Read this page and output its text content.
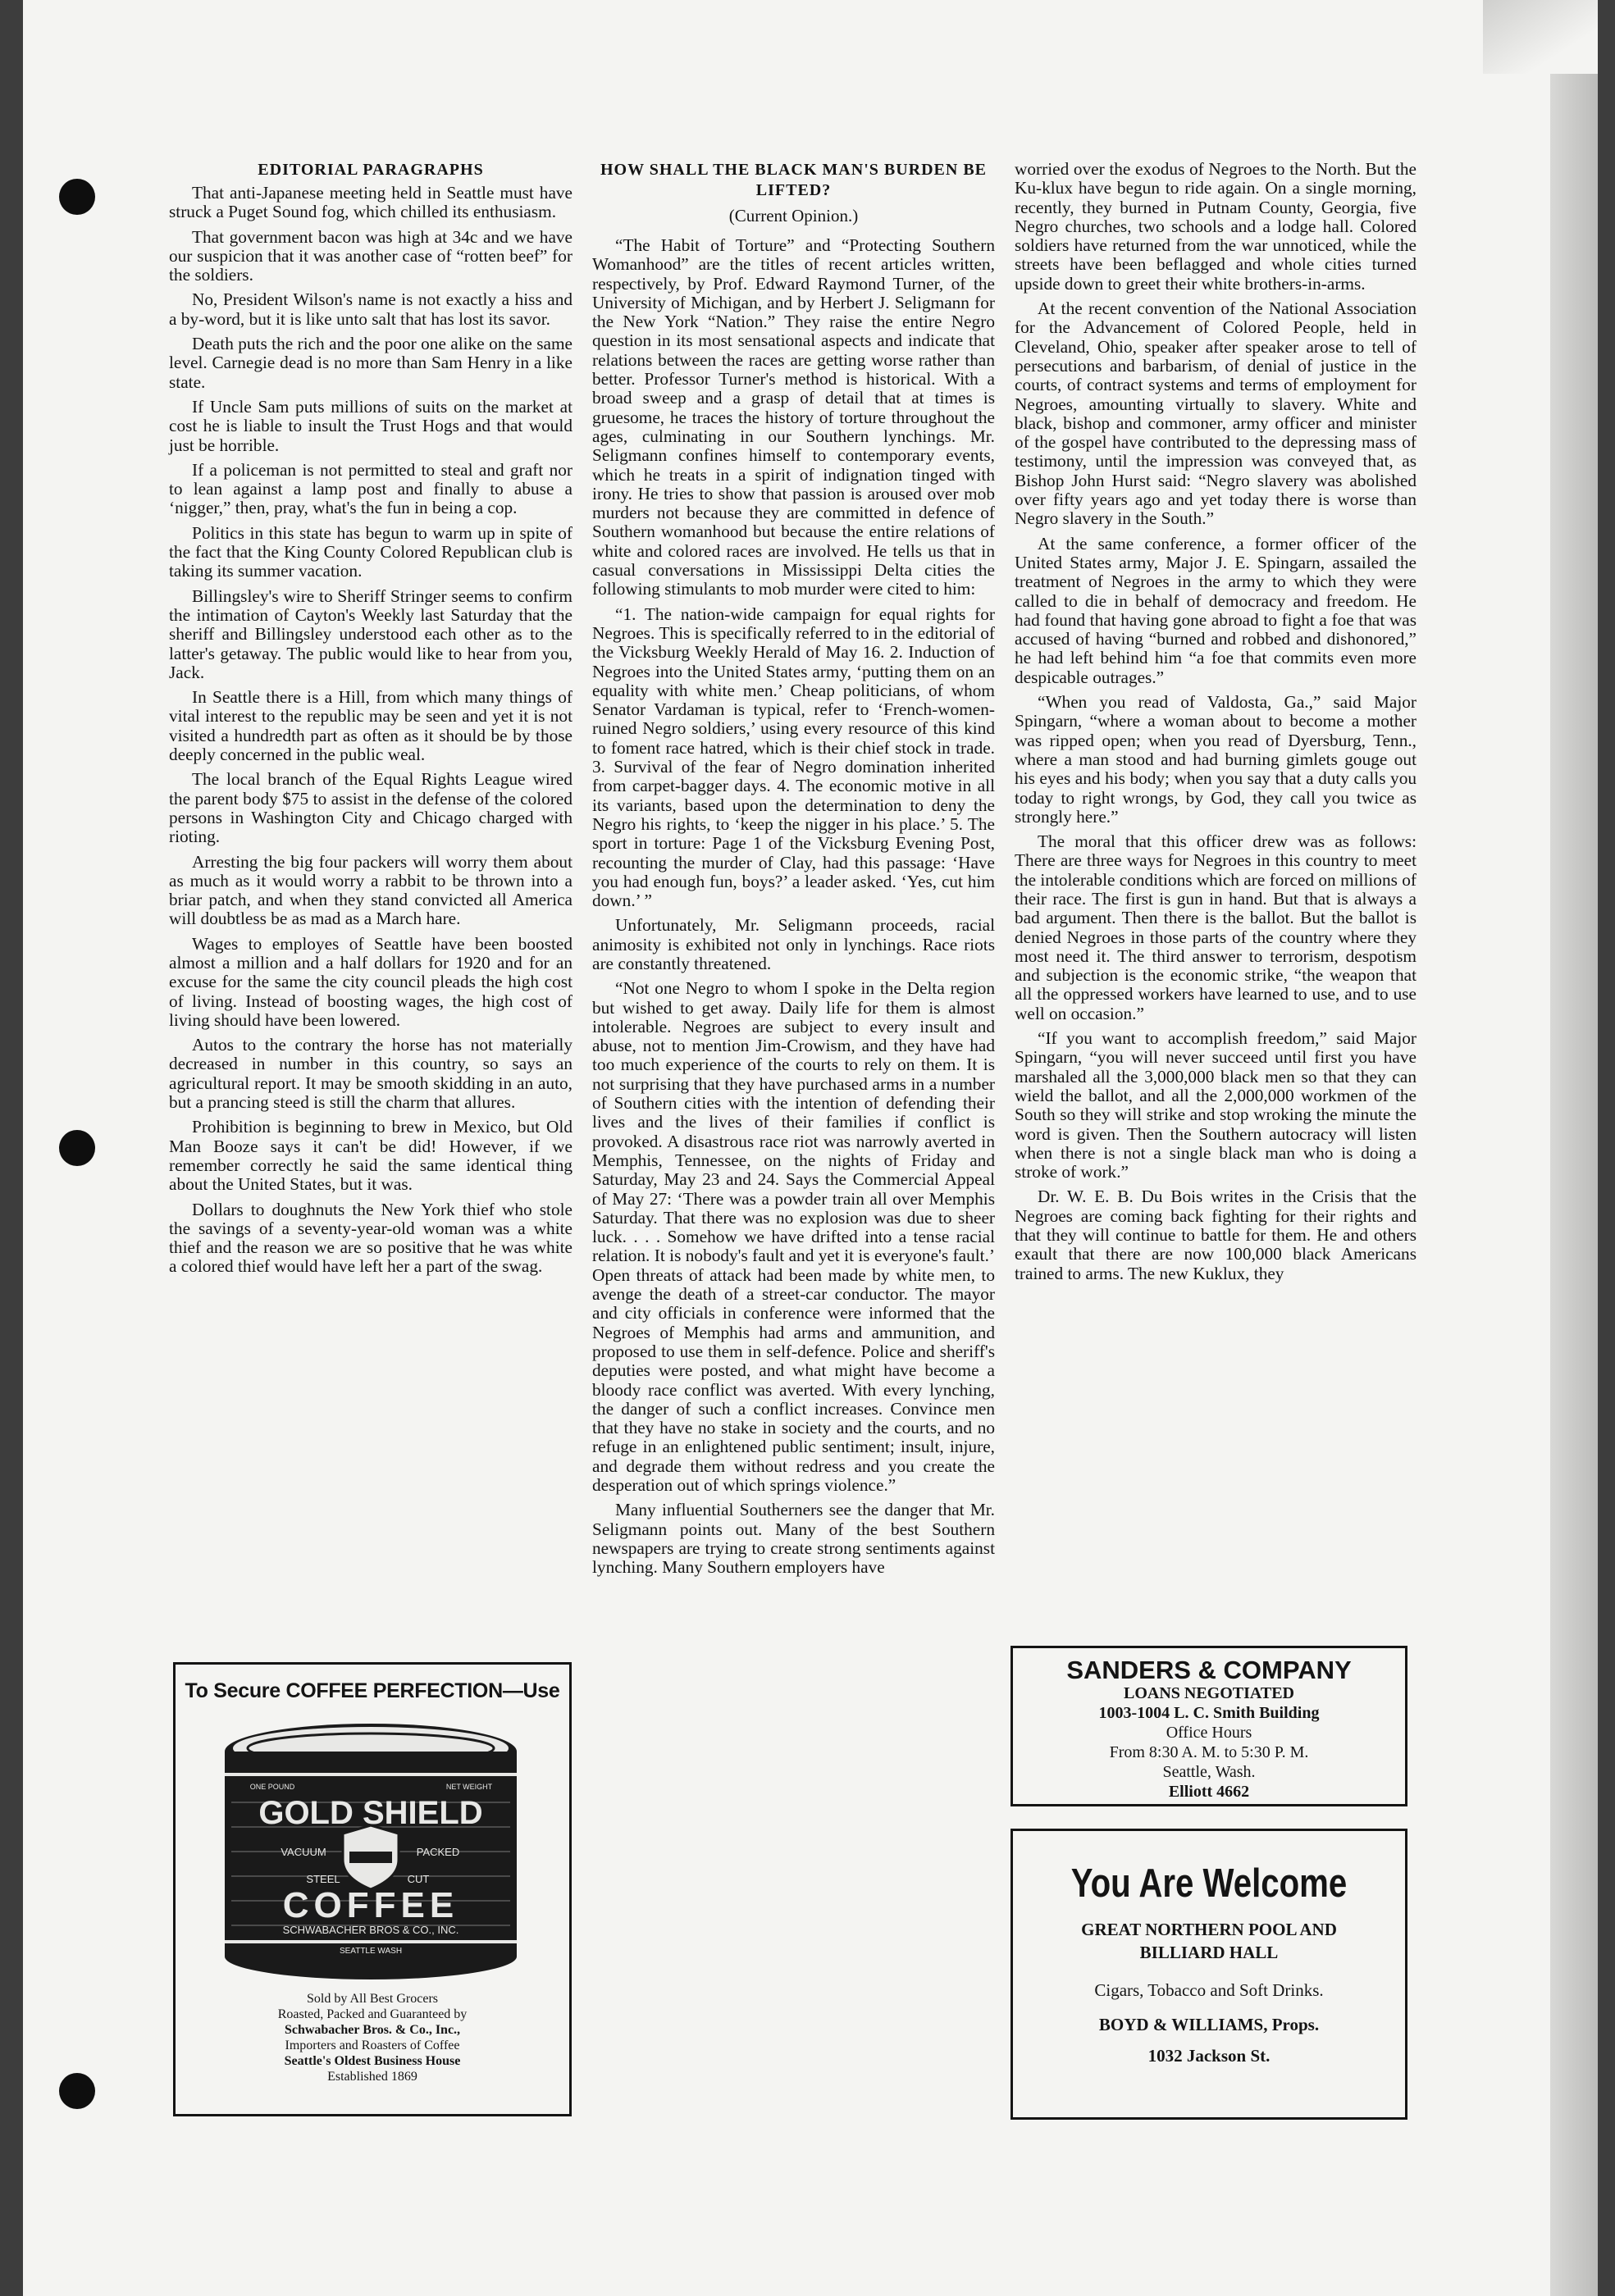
EDITORIAL PARAGRAPHS

That anti-Japanese meeting held in Seattle must have struck a Puget Sound fog, which chilled its enthusiasm.

That government bacon was high at 34c and we have our suspicion that it was another case of “rotten beef” for the soldiers.

No, President Wilson's name is not exactly a hiss and a by-word, but it is like unto salt that has lost its savor.

Death puts the rich and the poor one alike on the same level. Carnegie dead is no more than Sam Henry in a like state.

If Uncle Sam puts millions of suits on the market at cost he is liable to insult the Trust Hogs and that would just be horrible.

If a policeman is not permitted to steal and graft nor to lean against a lamp post and finally to abuse a ‘nigger,” then, pray, what's the fun in being a cop.

Politics in this state has begun to warm up in spite of the fact that the King County Colored Republican club is taking its summer vacation.

Billingsley's wire to Sheriff Stringer seems to confirm the intimation of Cayton's Weekly last Saturday that the sheriff and Billingsley understood each other as to the latter's getaway. The public would like to hear from you, Jack.

In Seattle there is a Hill, from which many things of vital interest to the republic may be seen and yet it is not visited a hundredth part as often as it should be by those deeply concerned in the public weal.

The local branch of the Equal Rights League wired the parent body $75 to assist in the defense of the colored persons in Washington City and Chicago charged with rioting.

Arresting the big four packers will worry them about as much as it would worry a rabbit to be thrown into a briar patch, and when they stand convicted all America will doubtless be as mad as a March hare.

Wages to employes of Seattle have been boosted almost a million and a half dollars for 1920 and for an excuse for the same the city council pleads the high cost of living. Instead of boosting wages, the high cost of living should have been lowered.

Autos to the contrary the horse has not materially decreased in number in this country, so says an agricultural report. It may be smooth skidding in an auto, but a prancing steed is still the charm that allures.

Prohibition is beginning to brew in Mexico, but Old Man Booze says it can't be did! However, if we remember correctly he said the same identical thing about the United States, but it was.

Dollars to doughnuts the New York thief who stole the savings of a seventy-year-old woman was a white thief and the reason we are so positive that he was white a colored thief would have left her a part of the swag.

HOW SHALL THE BLACK MAN'S BURDEN BE LIFTED?
(Current Opinion.)

“The Habit of Torture” and “Protecting Southern Womanhood” are the titles of recent articles written, respectively, by Prof. Edward Raymond Turner, of the University of Michigan, and by Herbert J. Seligmann for the New York “Nation.” They raise the entire Negro question in its most sensational aspects and indicate that relations between the races are getting worse rather than better. Professor Turner's method is historical. With a broad sweep and a grasp of detail that at times is gruesome, he traces the history of torture throughout the ages, culminating in our Southern lynchings. Mr. Seligmann confines himself to contemporary events, which he treats in a spirit of indignation tinged with irony. He tries to show that passion is aroused over mob murders not because they are committed in defence of Southern womanhood but because the entire relations of white and colored races are involved. He tells us that in casual conversations in Mississippi Delta cities the following stimulants to mob murder were cited to him:

“1. The nation-wide campaign for equal rights for Negroes. This is specifically referred to in the editorial of the Vicksburg Weekly Herald of May 16. 2. Induction of Negroes into the United States army, ‘putting them on an equality with white men.’ Cheap politicians, of whom Senator Vardaman is typical, refer to ‘French-women-ruined Negro soldiers,’ using every resource of this kind to foment race hatred, which is their chief stock in trade. 3. Survival of the fear of Negro domination inherited from carpet-bagger days. 4. The economic motive in all its variants, based upon the determination to deny the Negro his rights, to ‘keep the nigger in his place.’ 5. The sport in torture: Page 1 of the Vicksburg Evening Post, recounting the murder of Clay, had this passage: ‘Have you had enough fun, boys?’ a leader asked. ‘Yes, cut him down.’ ”

Unfortunately, Mr. Seligmann proceeds, racial animosity is exhibited not only in lynchings. Race riots are constantly threatened.

“Not one Negro to whom I spoke in the Delta region but wished to get away. Daily life for them is almost intolerable. Negroes are subject to every insult and abuse, not to mention Jim-Crowism, and they have had too much experience of the courts to rely on them. It is not surprising that they have purchased arms in a number of Southern cities with the intention of defending their lives and the lives of their families if conflict is provoked. A disastrous race riot was narrowly averted in Memphis, Tennessee, on the nights of Friday and Saturday, May 23 and 24. Says the Commercial Appeal of May 27: ‘There was a powder train all over Memphis Saturday. That there was no explosion was due to sheer luck. . . . Somehow we have drifted into a tense racial relation. It is nobody's fault and yet it is everyone's fault.’ Open threats of attack had been made by white men, to avenge the death of a street-car conductor. The mayor and city officials in conference were informed that the Negroes of Memphis had arms and ammunition, and proposed to use them in self-defence. Police and sheriff's deputies were posted, and what might have become a bloody race conflict was averted. With every lynching, the danger of such a conflict increases. Convince men that they have no stake in society and the courts, and no refuge in an enlightened public sentiment; insult, injure, and degrade them without redress and you create the desperation out of which springs violence.”

Many influential Southerners see the danger that Mr. Seligmann points out. Many of the best Southern newspapers are trying to create strong sentiments against lynching. Many Southern employers have

worried over the exodus of Negroes to the North. But the Ku-klux have begun to ride again. On a single morning, recently, they burned in Putnam County, Georgia, five Negro churches, two schools and a lodge hall. Colored soldiers have returned from the war unnoticed, while the streets have been beflagged and whole cities turned upside down to greet their white brothers-in-arms.

At the recent convention of the National Association for the Advancement of Colored People, held in Cleveland, Ohio, speaker after speaker arose to tell of persecutions and barbarism, of denial of justice in the courts, of contract systems and terms of employment for Negroes, amounting virtually to slavery. White and black, bishop and commoner, army officer and minister of the gospel have contributed to the depressing mass of testimony, until the impression was conveyed that, as Bishop John Hurst said: “Negro slavery was abolished over fifty years ago and yet today there is worse than Negro slavery in the South.”

At the same conference, a former officer of the United States army, Major J. E. Spingarn, assailed the treatment of Negroes in the army to which they were called to die in behalf of democracy and freedom. He had found that having gone abroad to fight a foe that was accused of having “burned and robbed and dishonored,” he had left behind him “a foe that commits even more despicable outrages.”

“When you read of Valdosta, Ga.,” said Major Spingarn, “where a woman about to become a mother was ripped open; when you read of Dyersburg, Tenn., where a man stood and had burning gimlets gouge out his eyes and his body; when you say that a duty calls you today to right wrongs, by God, they call you twice as strongly here.”

The moral that this officer drew was as follows: There are three ways for Negroes in this country to meet the intolerable conditions which are forced on millions of their race. The first is gun in hand. But that is always a bad argument. Then there is the ballot. But the ballot is denied Negroes in those parts of the country where they most need it. The third answer to terrorism, despotism and subjection is the economic strike, “the weapon that all the oppressed workers have learned to use, and to use well on occasion.”

“If you want to accomplish freedom,” said Major Spingarn, “you will never succeed until first you have marshaled all the 3,000,000 black men so that they can wield the ballot, and all the 2,000,000 workmen of the South so they will strike and stop wroking the minute the word is given. Then the Southern autocracy will listen when there is not a single black man who is doing a stroke of work.”

Dr. W. E. B. Du Bois writes in the Crisis that the Negroes are coming back fighting for their rights and that they will continue to battle for them. He and others exault that there are now 100,000 black Americans trained to arms. The new Kuklux, they

To Secure COFFEE PERFECTION—Use
GOLD SHIELD
VACUUM	PACKED
STEEL	CUT
COFFEE
SCHWABACHER BROS & CO., INC.
SEATTLE WASH
ONE POUND	NET WEIGHT
Sold by All Best Grocers
Roasted, Packed and Guaranteed by
Schwabacher Bros. & Co., Inc.,
Importers and Roasters of Coffee
Seattle's Oldest Business House
Established 1869
SANDERS & COMPANY
LOANS NEGOTIATED
1003-1004 L. C. Smith Building
Office Hours
From 8:30 A. M. to 5:30 P. M.
Seattle, Wash.
Elliott 4662
You Are Welcome
GREAT NORTHERN POOL AND
BILLIARD HALL
Cigars, Tobacco and Soft Drinks.
BOYD & WILLIAMS, Props.
1032 Jackson St.
